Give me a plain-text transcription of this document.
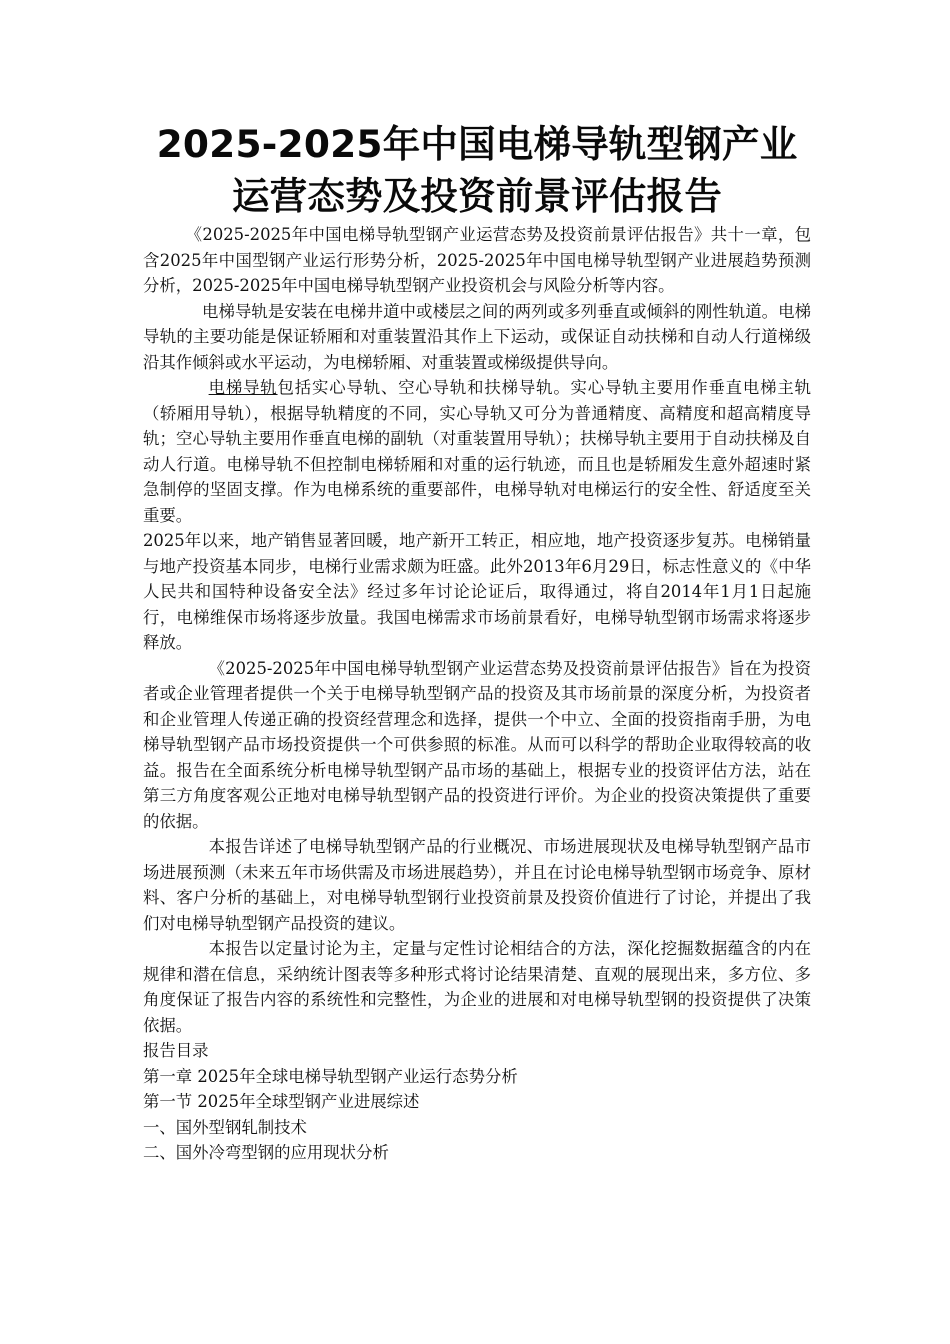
2025-2025年中国电梯导轨型钢产业运营态势及投资前景评估报告

《2025-2025年中国电梯导轨型钢产业运营态势及投资前景评估报告》共十一章，包含2025年中国型钢产业运行形势分析，2025-2025年中国电梯导轨型钢产业进展趋势预测分析，2025-2025年中国电梯导轨型钢产业投资机会与风险分析等内容。

电梯导轨是安装在电梯井道中或楼层之间的两列或多列垂直或倾斜的刚性轨道。电梯导轨的主要功能是保证轿厢和对重装置沿其作上下运动，或保证自动扶梯和自动人行道梯级沿其作倾斜或水平运动，为电梯轿厢、对重装置或梯级提供导向。

电梯导轨包括实心导轨、空心导轨和扶梯导轨。实心导轨主要用作垂直电梯主轨（轿厢用导轨），根据导轨精度的不同，实心导轨又可分为普通精度、高精度和超高精度导轨；空心导轨主要用作垂直电梯的副轨（对重装置用导轨）；扶梯导轨主要用于自动扶梯及自动人行道。电梯导轨不但控制电梯轿厢和对重的运行轨迹，而且也是轿厢发生意外超速时紧急制停的坚固支撑。作为电梯系统的重要部件，电梯导轨对电梯运行的安全性、舒适度至关重要。

2025年以来，地产销售显著回暖，地产新开工转正，相应地，地产投资逐步复苏。电梯销量与地产投资基本同步，电梯行业需求颇为旺盛。此外2013年6月29日，标志性意义的《中华人民共和国特种设备安全法》经过多年讨论论证后，取得通过，将自2014年1月1日起施行，电梯维保市场将逐步放量。我国电梯需求市场前景看好，电梯导轨型钢市场需求将逐步释放。

《2025-2025年中国电梯导轨型钢产业运营态势及投资前景评估报告》旨在为投资者或企业管理者提供一个关于电梯导轨型钢产品的投资及其市场前景的深度分析，为投资者和企业管理人传递正确的投资经营理念和选择，提供一个中立、全面的投资指南手册，为电梯导轨型钢产品市场投资提供一个可供参照的标准。从而可以科学的帮助企业取得较高的收益。报告在全面系统分析电梯导轨型钢产品市场的基础上，根据专业的投资评估方法，站在第三方角度客观公正地对电梯导轨型钢产品的投资进行评价。为企业的投资决策提供了重要的依据。

本报告详述了电梯导轨型钢产品的行业概况、市场进展现状及电梯导轨型钢产品市场进展预测（未来五年市场供需及市场进展趋势），并且在讨论电梯导轨型钢市场竞争、原材料、客户分析的基础上，对电梯导轨型钢行业投资前景及投资价值进行了讨论，并提出了我们对电梯导轨型钢产品投资的建议。

本报告以定量讨论为主，定量与定性讨论相结合的方法，深化挖掘数据蕴含的内在规律和潜在信息，采纳统计图表等多种形式将讨论结果清楚、直观的展现出来，多方位、多角度保证了报告内容的系统性和完整性，为企业的进展和对电梯导轨型钢的投资提供了决策依据。

报告目录

第一章 2025年全球电梯导轨型钢产业运行态势分析

第一节 2025年全球型钢产业进展综述

一、国外型钢轧制技术

二、国外冷弯型钢的应用现状分析
